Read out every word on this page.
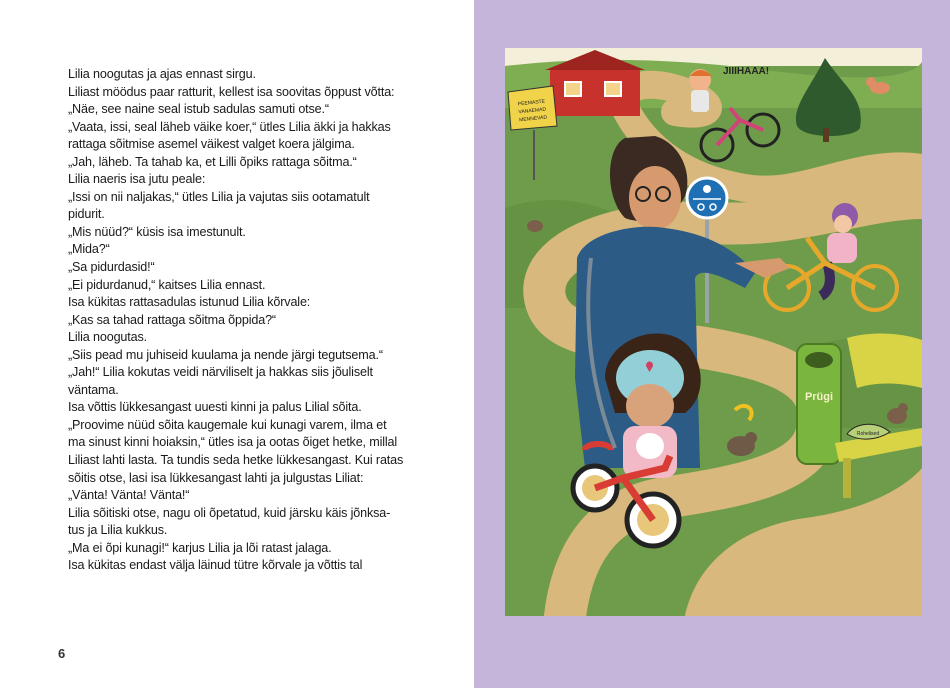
Lilia noogutas ja ajas ennast sirgu.
Liliast möödus paar ratturit, kellest isa soovitas õppust võtta:
„Näe, see naine seal istub sadulas samuti otse.“
„Vaata, issi, seal läheb väike koer,“ ütles Lilia äkki ja hakkas
rattaga sõitmise asemel väikest valget koera jälgima.
„Jah, läheb. Ta tahab ka, et Lilli õpiks rattaga sõitma.“
Lilia naeris isa jutu peale:
„Issi on nii naljakas,“ ütles Lilia ja vajutas siis ootamatult
pidurit.
„Mis nüüd?“ küsis isa imestunult.
„Mida?“
„Sa pidurdasid!“
„Ei pidurdanud,“ kaitses Lilia ennast.
Isa kükitas rattasadulas istunud Lilia kõrvale:
„Kas sa tahad rattaga sõitma õppida?“
Lilia noogutas.
„Siis pead mu juhiseid kuulama ja nende järgi tegutsema.“
„Jah!“ Lilia kokutas veidi närviliselt ja hakkas siis jõuliselt
väntama.
Isa võttis lükkesangast uuesti kinni ja palus Lilial sõita.
„Proovime nüüd sõita kaugemale kui kunagi varem, ilma et
ma sinust kinni hoiaksin,“ ütles isa ja ootas õiget hetke, millal
Liliast lahti lasta. Ta tundis seda hetke lükkesangast. Kui ratas
sõitis otse, lasi isa lükkesangast lahti ja julgustas Liliat:
„Vänta! Vänta! Vänta!“
Lilia sõitiski otse, nagu oli õpetatud, kuid järsku käis jõnksa-
tus ja Lilia kukkus.
„Ma ei õpi kunagi!“ karjus Lilia ja lõi ratast jalaga.
Isa kükitas endast välja läinud tütre kõrvale ja võttis tal
6
PEEMASTE
VANAEMAD
MENNEVAD
JIIIHAAA!
Prügi
Rohelised
